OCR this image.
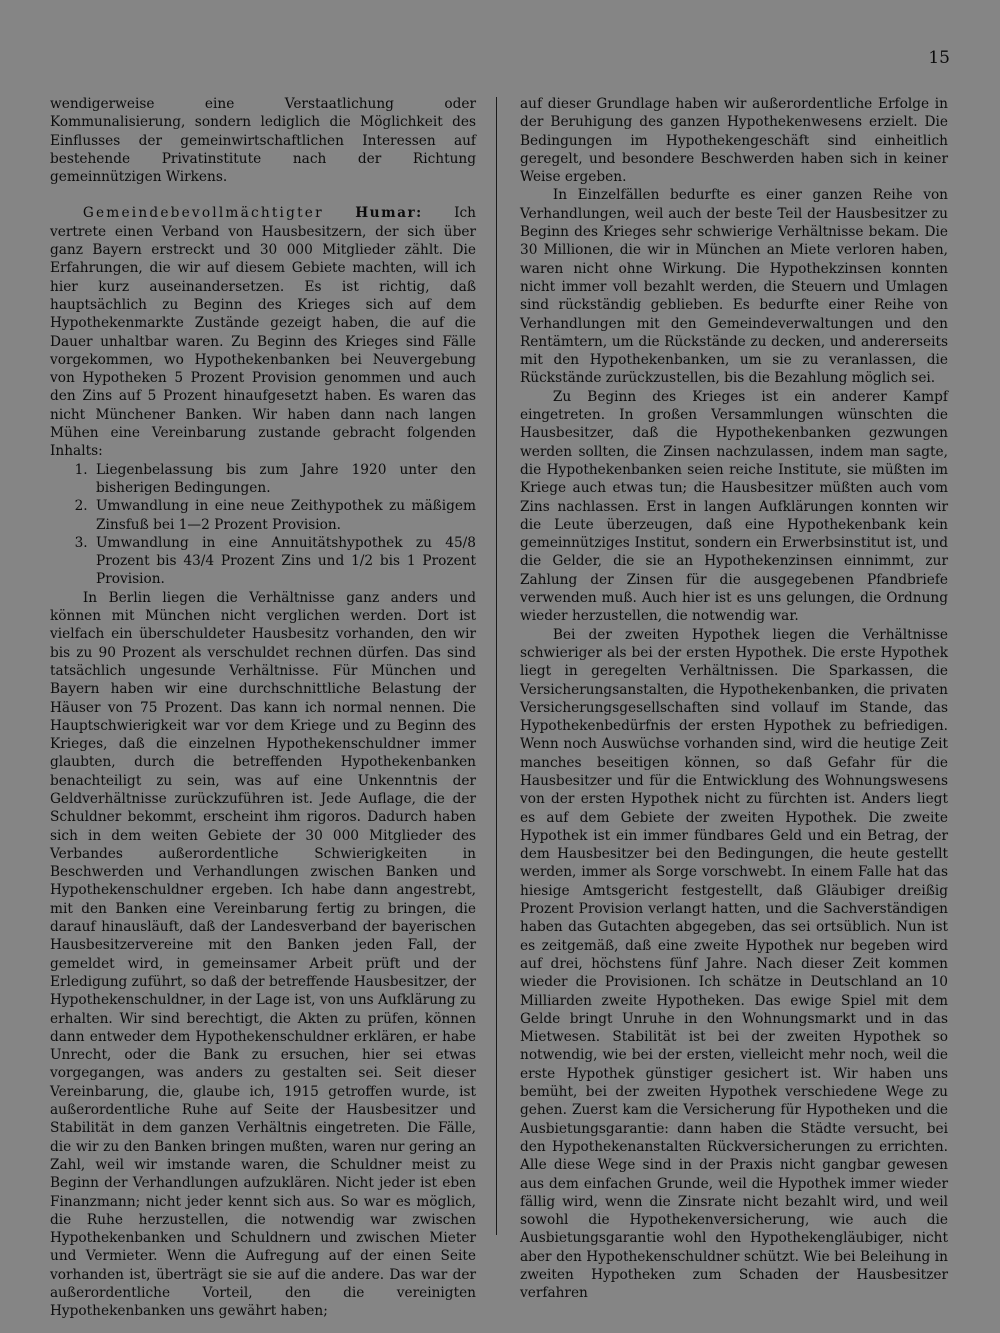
15

wendigerweise eine Verstaatlichung oder Kommunalisierung, sondern lediglich die Möglichkeit des Einflusses der gemeinwirtschaftlichen Interessen auf bestehende Privatinstitute nach der Richtung gemeinnützigen Wirkens.

Gemeindebevollmächtigter Humar: Ich vertrete einen Verband von Hausbesitzern, der sich über ganz Bayern erstreckt und 30 000 Mitglieder zählt. Die Erfahrungen, die wir auf diesem Gebiete machten, will ich hier kurz auseinandersetzen. Es ist richtig, daß hauptsächlich zu Beginn des Krieges sich auf dem Hypothekenmarkte Zustände gezeigt haben, die auf die Dauer unhaltbar waren. Zu Beginn des Krieges sind Fälle vorgekommen, wo Hypothekenbanken bei Neuvergebung von Hypotheken 5 Prozent Provision genommen und auch den Zins auf 5 Prozent hinaufgesetzt haben. Es waren das nicht Münchener Banken. Wir haben dann nach langen Mühen eine Vereinbarung zustande gebracht folgenden Inhalts:

1. Liegenbelassung bis zum Jahre 1920 unter den bisherigen Bedingungen.
2. Umwandlung in eine neue Zeithypothek zu mäßigem Zinsfuß bei 1—2 Prozent Provision.
3. Umwandlung in eine Annuitätshypothek zu 45/8 Prozent bis 43/4 Prozent Zins und 1/2 bis 1 Prozent Provision.

In Berlin liegen die Verhältnisse ganz anders und können mit München nicht verglichen werden. Dort ist vielfach ein überschuldeter Hausbesitz vorhanden, den wir bis zu 90 Prozent als verschuldet rechnen dürfen. Das sind tatsächlich ungesunde Verhältnisse. Für München und Bayern haben wir eine durchschnittliche Belastung der Häuser von 75 Prozent. Das kann ich normal nennen. Die Hauptschwierigkeit war vor dem Kriege und zu Beginn des Krieges, daß die einzelnen Hypothekenschuldner immer glaubten, durch die betreffenden Hypothekenbanken benachteiligt zu sein, was auf eine Unkenntnis der Geldverhältnisse zurückzuführen ist. Jede Auflage, die der Schuldner bekommt, erscheint ihm rigoros. Dadurch haben sich in dem weiten Gebiete der 30 000 Mitglieder des Verbandes außerordentliche Schwierigkeiten in Beschwerden und Verhandlungen zwischen Banken und Hypothekenschuldner ergeben. Ich habe dann angestrebt, mit den Banken eine Vereinbarung fertig zu bringen, die darauf hinausläuft, daß der Landesverband der bayerischen Hausbesitzervereine mit den Banken jeden Fall, der gemeldet wird, in gemeinsamer Arbeit prüft und der Erledigung zuführt, so daß der betreffende Hausbesitzer, der Hypothekenschuldner, in der Lage ist, von uns Aufklärung zu erhalten. Wir sind berechtigt, die Akten zu prüfen, können dann entweder dem Hypothekenschuldner erklären, er habe Unrecht, oder die Bank zu ersuchen, hier sei etwas vorgegangen, was anders zu gestalten sei. Seit dieser Vereinbarung, die, glaube ich, 1915 getroffen wurde, ist außerordentliche Ruhe auf Seite der Hausbesitzer und Stabilität in dem ganzen Verhältnis eingetreten. Die Fälle, die wir zu den Banken bringen mußten, waren nur gering an Zahl, weil wir imstande waren, die Schuldner meist zu Beginn der Verhandlungen aufzuklären. Nicht jeder ist eben Finanzmann; nicht jeder kennt sich aus. So war es möglich, die Ruhe herzustellen, die notwendig war zwischen Hypothekenbanken und Schuldnern und zwischen Mieter und Vermieter. Wenn die Aufregung auf der einen Seite vorhanden ist, überträgt sie sie auf die andere. Das war der außerordentliche Vorteil, den die vereinigten Hypothekenbanken uns gewährt haben;

auf dieser Grundlage haben wir außerordentliche Erfolge in der Beruhigung des ganzen Hypothekenwesens erzielt. Die Bedingungen im Hypothekengeschäft sind einheitlich geregelt, und besondere Beschwerden haben sich in keiner Weise ergeben.

In Einzelfällen bedurfte es einer ganzen Reihe von Verhandlungen, weil auch der beste Teil der Hausbesitzer zu Beginn des Krieges sehr schwierige Verhältnisse bekam. Die 30 Millionen, die wir in München an Miete verloren haben, waren nicht ohne Wirkung. Die Hypothekzinsen konnten nicht immer voll bezahlt werden, die Steuern und Umlagen sind rückständig geblieben. Es bedurfte einer Reihe von Verhandlungen mit den Gemeindeverwaltungen und den Rentämtern, um die Rückstände zu decken, und andererseits mit den Hypothekenbanken, um sie zu veranlassen, die Rückstände zurückzustellen, bis die Bezahlung möglich sei.

Zu Beginn des Krieges ist ein anderer Kampf eingetreten. In großen Versammlungen wünschten die Hausbesitzer, daß die Hypothekenbanken gezwungen werden sollten, die Zinsen nachzulassen, indem man sagte, die Hypothekenbanken seien reiche Institute, sie müßten im Kriege auch etwas tun; die Hausbesitzer müßten auch vom Zins nachlassen. Erst in langen Aufklärungen konnten wir die Leute überzeugen, daß eine Hypothekenbank kein gemeinnütziges Institut, sondern ein Erwerbsinstitut ist, und die Gelder, die sie an Hypothekenzinsen einnimmt, zur Zahlung der Zinsen für die ausgegebenen Pfandbriefe verwenden muß. Auch hier ist es uns gelungen, die Ordnung wieder herzustellen, die notwendig war.

Bei der zweiten Hypothek liegen die Verhältnisse schwieriger als bei der ersten Hypothek. Die erste Hypothek liegt in geregelten Verhältnissen. Die Sparkassen, die Versicherungsanstalten, die Hypothekenbanken, die privaten Versicherungsgesellschaften sind vollauf im Stande, das Hypothekenbedürfnis der ersten Hypothek zu befriedigen. Wenn noch Auswüchse vorhanden sind, wird die heutige Zeit manches beseitigen können, so daß Gefahr für die Hausbesitzer und für die Entwicklung des Wohnungswesens von der ersten Hypothek nicht zu fürchten ist. Anders liegt es auf dem Gebiete der zweiten Hypothek. Die zweite Hypothek ist ein immer fündbares Geld und ein Betrag, der dem Hausbesitzer bei den Bedingungen, die heute gestellt werden, immer als Sorge vorschwebt. In einem Falle hat das hiesige Amtsgericht festgestellt, daß Gläubiger dreißig Prozent Provision verlangt hatten, und die Sachverständigen haben das Gutachten abgegeben, das sei ortsüblich. Nun ist es zeitgemäß, daß eine zweite Hypothek nur begeben wird auf drei, höchstens fünf Jahre. Nach dieser Zeit kommen wieder die Provisionen. Ich schätze in Deutschland an 10 Milliarden zweite Hypotheken. Das ewige Spiel mit dem Gelde bringt Unruhe in den Wohnungsmarkt und in das Mietwesen. Stabilität ist bei der zweiten Hypothek so notwendig, wie bei der ersten, vielleicht mehr noch, weil die erste Hypothek günstiger gesichert ist. Wir haben uns bemüht, bei der zweiten Hypothek verschiedene Wege zu gehen. Zuerst kam die Versicherung für Hypotheken und die Ausbietungsgarantie: dann haben die Städte versucht, bei den Hypothekenanstalten Rückversicherungen zu errichten. Alle diese Wege sind in der Praxis nicht gangbar gewesen aus dem einfachen Grunde, weil die Hypothek immer wieder fällig wird, wenn die Zinsrate nicht bezahlt wird, und weil sowohl die Hypothekenversicherung, wie auch die Ausbietungsgarantie wohl den Hypothekengläubiger, nicht aber den Hypothekenschuldner schützt. Wie bei Beleihung in zweiten Hypotheken zum Schaden der Hausbesitzer verfahren
